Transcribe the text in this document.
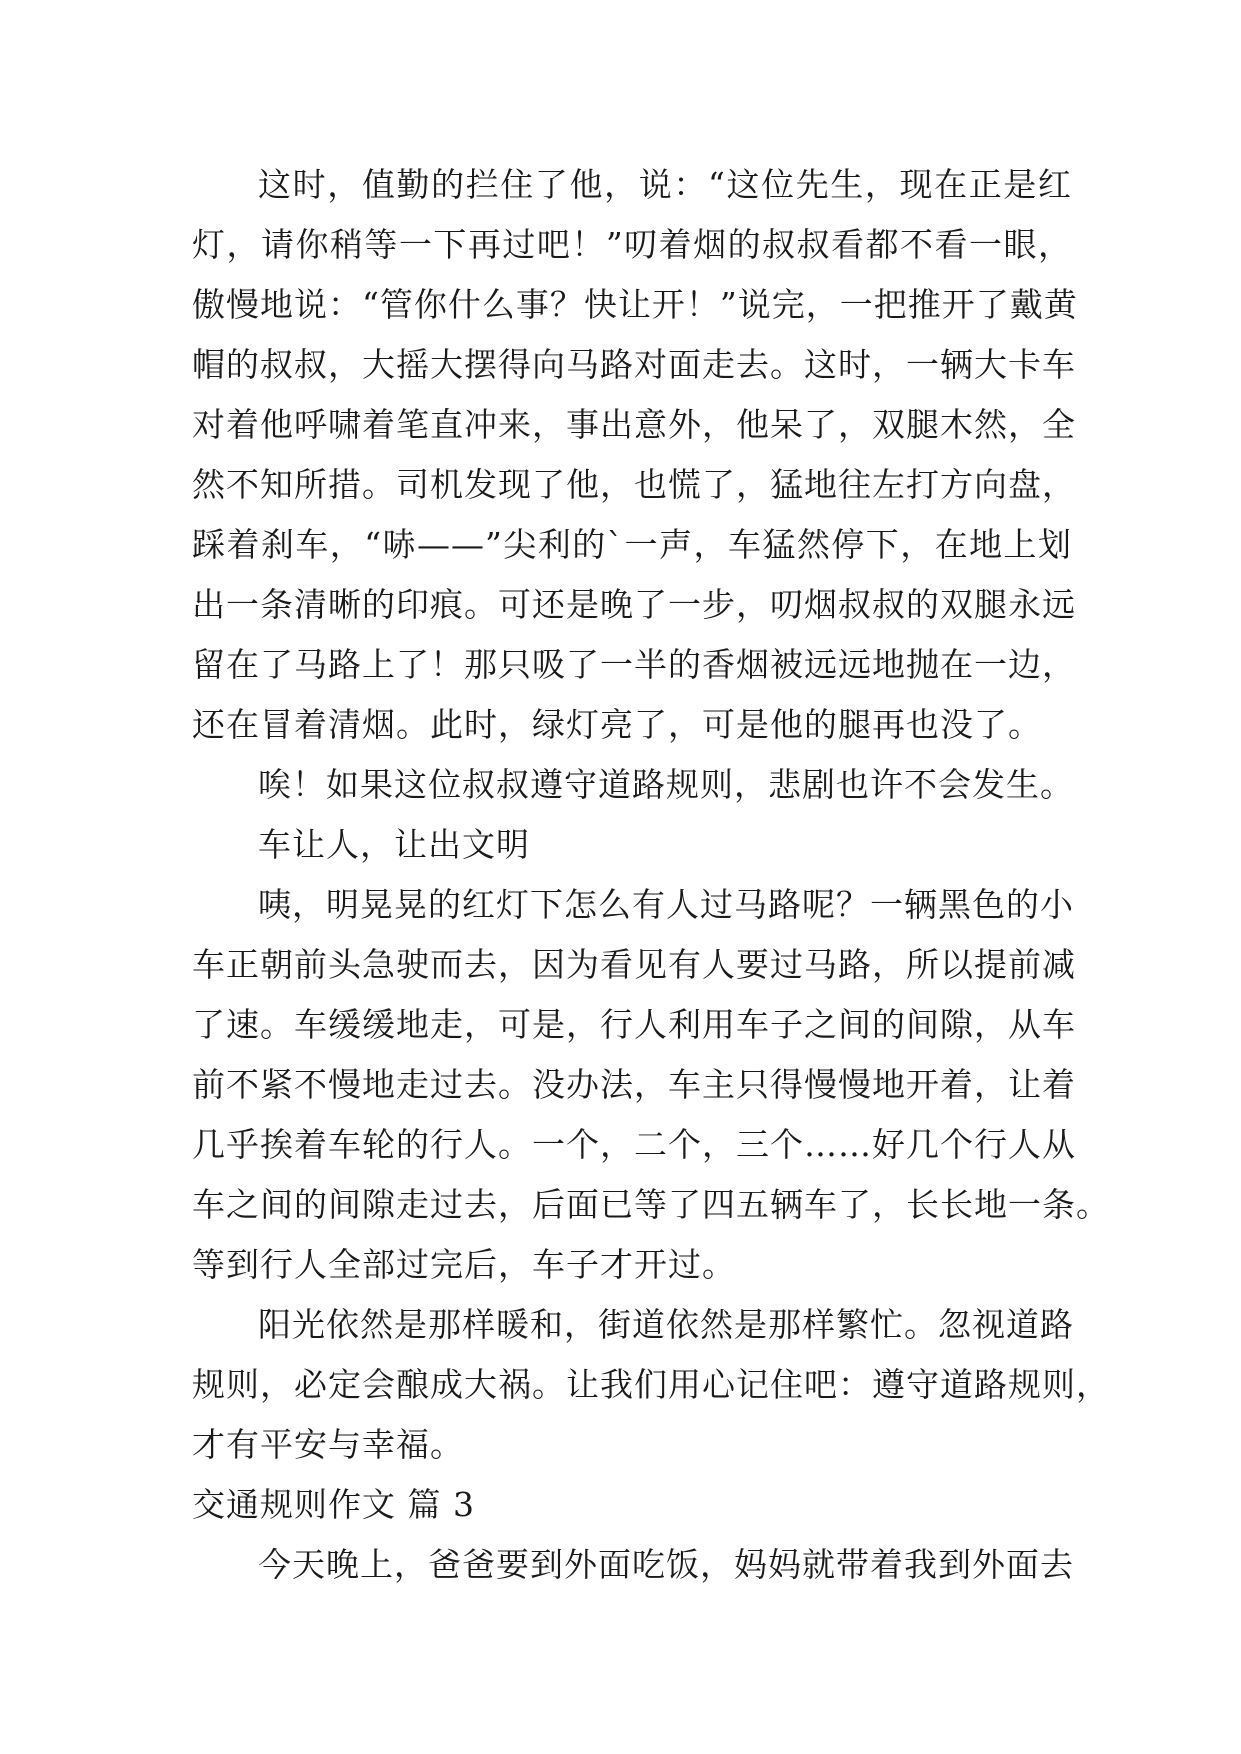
这时，值勤的拦住了他，说：“这位先生，现在正是红
灯，请你稍等一下再过吧！”叨着烟的叔叔看都不看一眼，
傲慢地说：“管你什么事？快让开！”说完，一把推开了戴黄
帽的叔叔，大摇大摆得向马路对面走去。这时，一辆大卡车
对着他呼啸着笔直冲来，事出意外，他呆了，双腿木然，全
然不知所措。司机发现了他，也慌了，猛地往左打方向盘，
踩着刹车，“哧——”尖利的`一声，车猛然停下，在地上划
出一条清晰的印痕。可还是晚了一步，叨烟叔叔的双腿永远
留在了马路上了！那只吸了一半的香烟被远远地抛在一边，
还在冒着清烟。此时，绿灯亮了，可是他的腿再也没了。
唉！如果这位叔叔遵守道路规则，悲剧也许不会发生。
车让人，让出文明
咦，明晃晃的红灯下怎么有人过马路呢？一辆黑色的小
车正朝前头急驶而去，因为看见有人要过马路，所以提前减
了速。车缓缓地走，可是，行人利用车子之间的间隙，从车
前不紧不慢地走过去。没办法，车主只得慢慢地开着，让着
几乎挨着车轮的行人。一个，二个，三个……好几个行人从
车之间的间隙走过去，后面已等了四五辆车了，长长地一条。
等到行人全部过完后，车子才开过。
阳光依然是那样暖和，街道依然是那样繁忙。忽视道路
规则，必定会酿成大祸。让我们用心记住吧：遵守道路规则，
才有平安与幸福。
交通规则作文 篇 3
今天晚上，爸爸要到外面吃饭，妈妈就带着我到外面去
